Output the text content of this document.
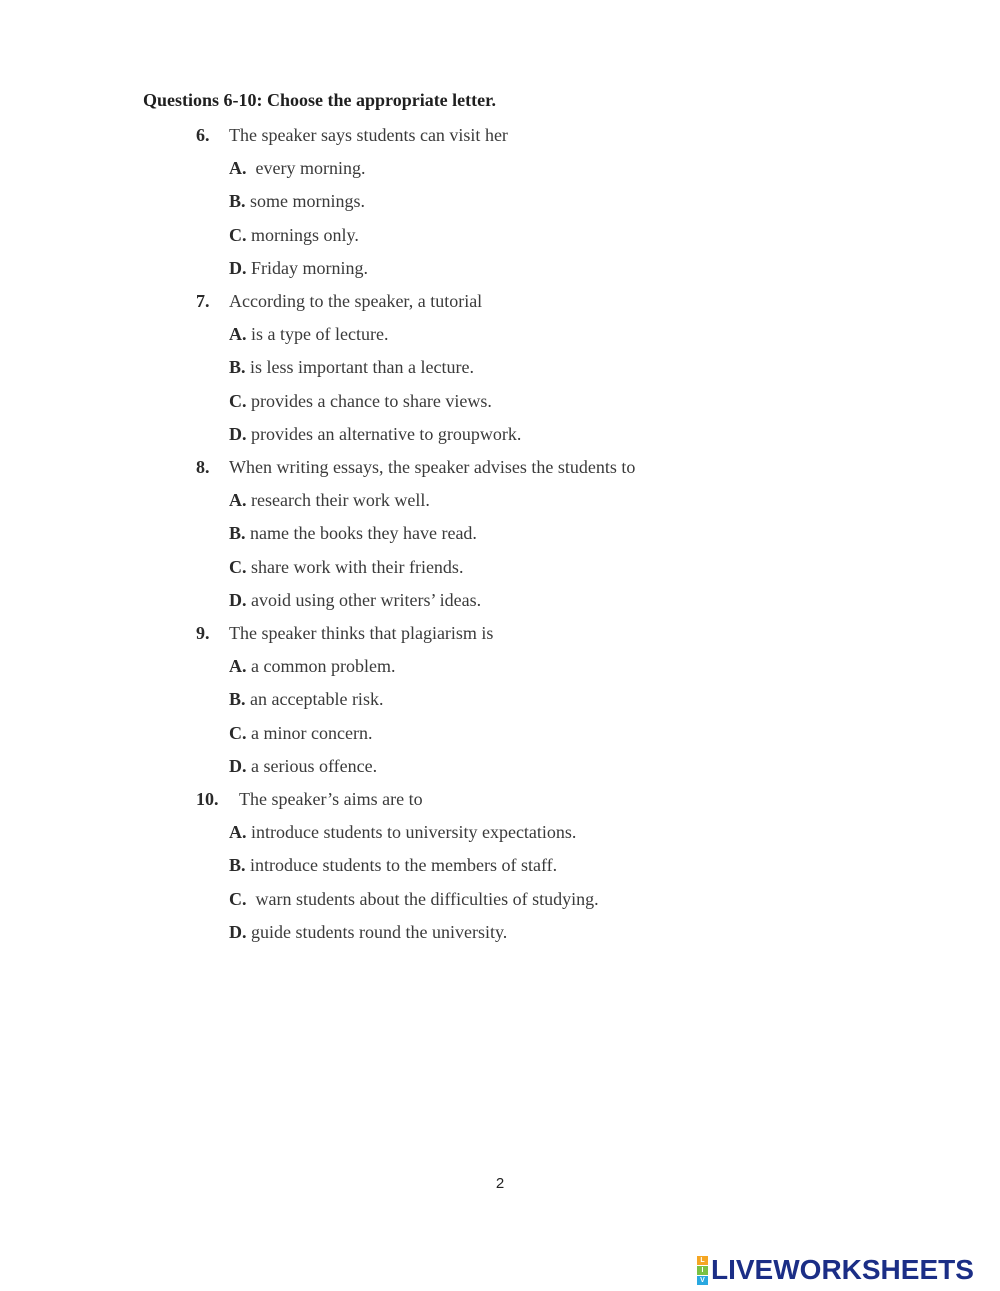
Questions 6-10: Choose the appropriate letter.
6. The speaker says students can visit her
A.  every morning.
B. some mornings.
C. mornings only.
D. Friday morning.
7. According to the speaker, a tutorial
A. is a type of lecture.
B. is less important than a lecture.
C. provides a chance to share views.
D. provides an alternative to groupwork.
8. When writing essays, the speaker advises the students to
A. research their work well.
B. name the books they have read.
C. share work with their friends.
D. avoid using other writers’ ideas.
9. The speaker thinks that plagiarism is
A. a common problem.
B. an acceptable risk.
C. a minor concern.
D. a serious offence.
10. The speaker’s aims are to
A. introduce students to university expectations.
B. introduce students to the members of staff.
C.  warn students about the difficulties of studying.
D. guide students round the university.
2
L
I
V LIVEWORKSHEETS
